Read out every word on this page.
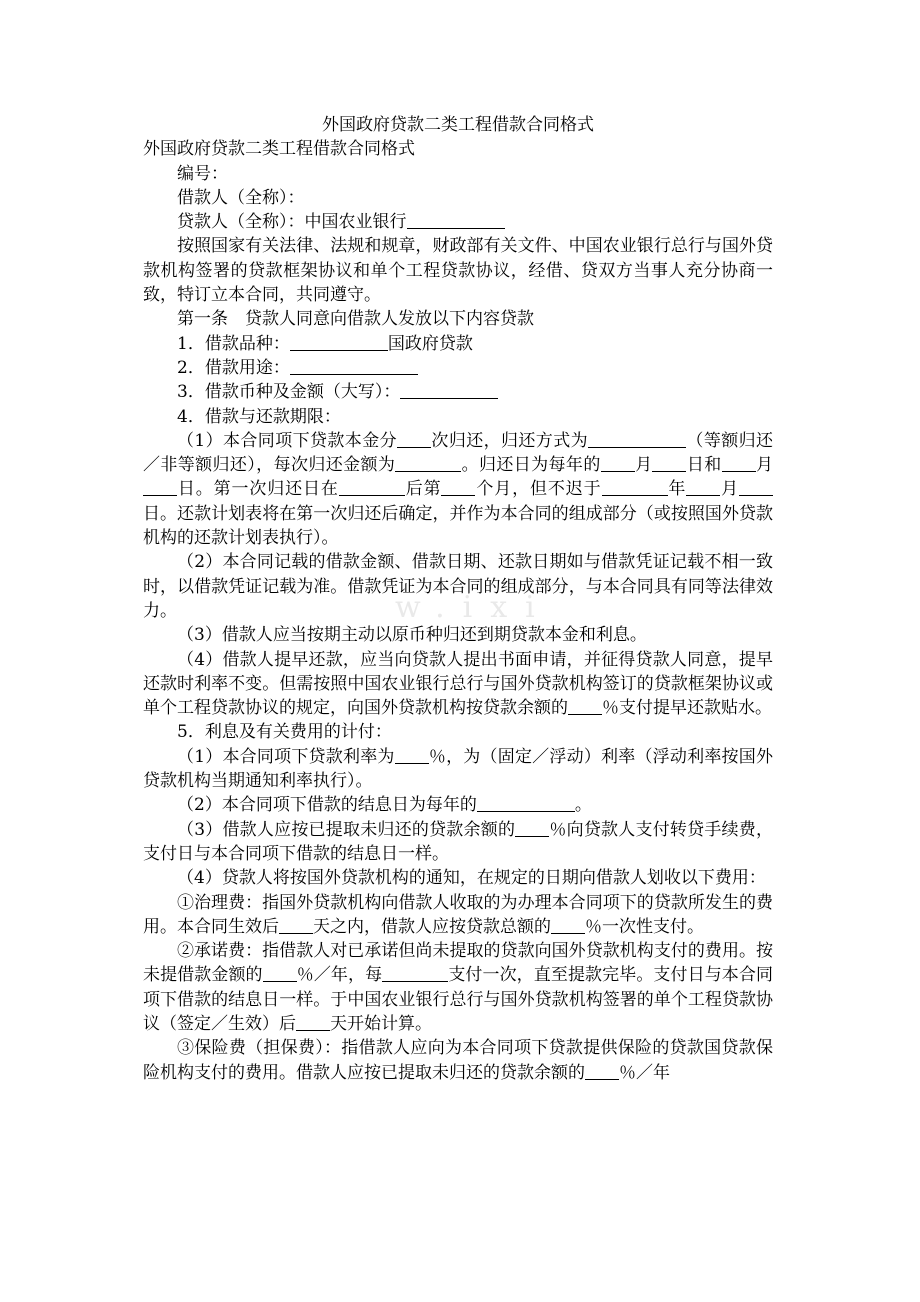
w.ixi

外国政府贷款二类工程借款合同格式

外国政府贷款二类工程借款合同格式

编号：

借款人（全称）：

贷款人（全称）：中国农业银行

按照国家有关法律、法规和规章，财政部有关文件、中国农业银行总行与国外贷款机构签署的贷款框架协议和单个工程贷款协议，经借、贷双方当事人充分协商一致，特订立本合同，共同遵守。

第一条　贷款人同意向借款人发放以下内容贷款

1．借款品种：	国政府贷款

2．借款用途：

3．借款币种及金额（大写）：

4．借款与还款期限：

（1）本合同项下贷款本金分 次归还，归还方式为	（等额归还／非等额归还），每次归还金额为	。归还日为每年的 月 日和 月日。第一次归还日在	后第 个月，但不迟于	年 月日。还款计划表将在第一次归还后确定，并作为本合同的组成部分（或按照国外贷款机构的还款计划表执行）。

（2）本合同记载的借款金额、借款日期、还款日期如与借款凭证记载不相一致时，以借款凭证记载为准。借款凭证为本合同的组成部分，与本合同具有同等法律效力。

（3）借款人应当按期主动以原币种归还到期贷款本金和利息。

（4）借款人提早还款，应当向贷款人提出书面申请，并征得贷款人同意，提早还款时利率不变。但需按照中国农业银行总行与国外贷款机构签订的贷款框架协议或单个工程贷款协议的规定，向国外贷款机构按贷款余额的 ％支付提早还款贴水。

5．利息及有关费用的计付：

（1）本合同项下贷款利率为 ％，为（固定／浮动）利率（浮动利率按国外贷款机构当期通知利率执行）。

（2）本合同项下借款的结息日为每年的	。

（3）借款人应按已提取未归还的贷款余额的 ％向贷款人支付转贷手续费，支付日与本合同项下借款的结息日一样。

（4）贷款人将按国外贷款机构的通知，在规定的日期向借款人划收以下费用：

①治理费：指国外贷款机构向借款人收取的为办理本合同项下的贷款所发生的费用。本合同生效后 天之内，借款人应按贷款总额的 ％一次性支付。

②承诺费：指借款人对已承诺但尚未提取的贷款向国外贷款机构支付的费用。按未提借款金额的 ％／年，每	支付一次，直至提款完毕。支付日与本合同项下借款的结息日一样。于中国农业银行总行与国外贷款机构签署的单个工程贷款协议（签定／生效）后 天开始计算。

③保险费（担保费）：指借款人应向为本合同项下贷款提供保险的贷款国贷款保险机构支付的费用。借款人应按已提取未归还的贷款余额的 ％／年
